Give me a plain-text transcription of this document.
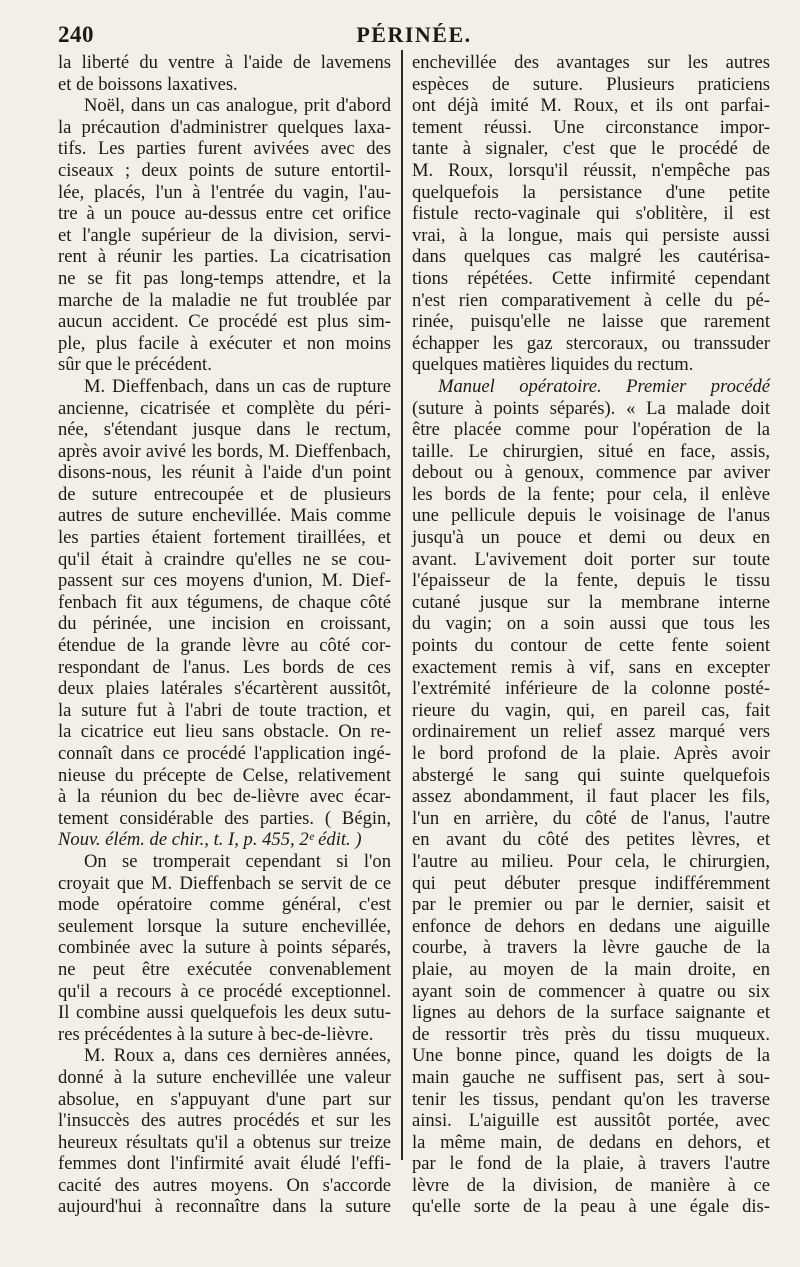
240	PÉRINÉE.
la liberté du ventre à l'aide de lavemens
et de boissons laxatives.
Noël, dans un cas analogue, prit d'abord
la précaution d'administrer quelques laxa-
tifs. Les parties furent avivées avec des
ciseaux ; deux points de suture entortil-
lée, placés, l'un à l'entrée du vagin, l'au-
tre à un pouce au-dessus entre cet orifice
et l'angle supérieur de la division, servi-
rent à réunir les parties. La cicatrisation
ne se fit pas long-temps attendre, et la
marche de la maladie ne fut troublée par
aucun accident. Ce procédé est plus sim-
ple, plus facile à exécuter et non moins
sûr que le précédent.
M. Dieffenbach, dans un cas de rupture
ancienne, cicatrisée et complète du péri-
née, s'étendant jusque dans le rectum,
après avoir avivé les bords, M. Dieffenbach,
disons-nous, les réunit à l'aide d'un point
de suture entrecoupée et de plusieurs
autres de suture enchevillée. Mais comme
les parties étaient fortement tiraillées, et
qu'il était à craindre qu'elles ne se cou-
passent sur ces moyens d'union, M. Dief-
fenbach fit aux tégumens, de chaque côté
du périnée, une incision en croissant,
étendue de la grande lèvre au côté cor-
respondant de l'anus. Les bords de ces
deux plaies latérales s'écartèrent aussitôt,
la suture fut à l'abri de toute traction, et
la cicatrice eut lieu sans obstacle. On re-
connaît dans ce procédé l'application ingé-
nieuse du précepte de Celse, relativement
à la réunion du bec de-lièvre avec écar-
tement considérable des parties. ( Bégin,
Nouv. élém. de chir., t. I, p. 455, 2ᵉ édit. )
On se tromperait cependant si l'on
croyait que M. Dieffenbach se servit de ce
mode opératoire comme général, c'est
seulement lorsque la suture enchevillée,
combinée avec la suture à points séparés,
ne peut être exécutée convenablement
qu'il a recours à ce procédé exceptionnel.
Il combine aussi quelquefois les deux sutu-
res précédentes à la suture à bec-de-lièvre.
M. Roux a, dans ces dernières années,
donné à la suture enchevillée une valeur
absolue, en s'appuyant d'une part sur
l'insuccès des autres procédés et sur les
heureux résultats qu'il a obtenus sur treize
femmes dont l'infirmité avait éludé l'effi-
cacité des autres moyens. On s'accorde
aujourd'hui à reconnaître dans la suture
enchevillée des avantages sur les autres
espèces de suture. Plusieurs praticiens
ont déjà imité M. Roux, et ils ont parfai-
tement réussi. Une circonstance impor-
tante à signaler, c'est que le procédé de
M. Roux, lorsqu'il réussit, n'empêche pas
quelquefois la persistance d'une petite
fistule recto-vaginale qui s'oblitère, il est
vrai, à la longue, mais qui persiste aussi
dans quelques cas malgré les cautérisa-
tions répétées. Cette infirmité cependant
n'est rien comparativement à celle du pé-
rinée, puisqu'elle ne laisse que rarement
échapper les gaz stercoraux, ou transsuder
quelques matières liquides du rectum.
Manuel opératoire. Premier procédé
(suture à points séparés). « La malade doit
être placée comme pour l'opération de la
taille. Le chirurgien, situé en face, assis,
debout ou à genoux, commence par aviver
les bords de la fente; pour cela, il enlève
une pellicule depuis le voisinage de l'anus
jusqu'à un pouce et demi ou deux en
avant. L'avivement doit porter sur toute
l'épaisseur de la fente, depuis le tissu
cutané jusque sur la membrane interne
du vagin; on a soin aussi que tous les
points du contour de cette fente soient
exactement remis à vif, sans en excepter
l'extrémité inférieure de la colonne posté-
rieure du vagin, qui, en pareil cas, fait
ordinairement un relief assez marqué vers
le bord profond de la plaie. Après avoir
abstergé le sang qui suinte quelquefois
assez abondamment, il faut placer les fils,
l'un en arrière, du côté de l'anus, l'autre
en avant du côté des petites lèvres, et
l'autre au milieu. Pour cela, le chirurgien,
qui peut débuter presque indifféremment
par le premier ou par le dernier, saisit et
enfonce de dehors en dedans une aiguille
courbe, à travers la lèvre gauche de la
plaie, au moyen de la main droite, en
ayant soin de commencer à quatre ou six
lignes au dehors de la surface saignante et
de ressortir très près du tissu muqueux.
Une bonne pince, quand les doigts de la
main gauche ne suffisent pas, sert à sou-
tenir les tissus, pendant qu'on les traverse
ainsi. L'aiguille est aussitôt portée, avec
la même main, de dedans en dehors, et
par le fond de la plaie, à travers l'autre
lèvre de la division, de manière à ce
qu'elle sorte de la peau à une égale dis-
